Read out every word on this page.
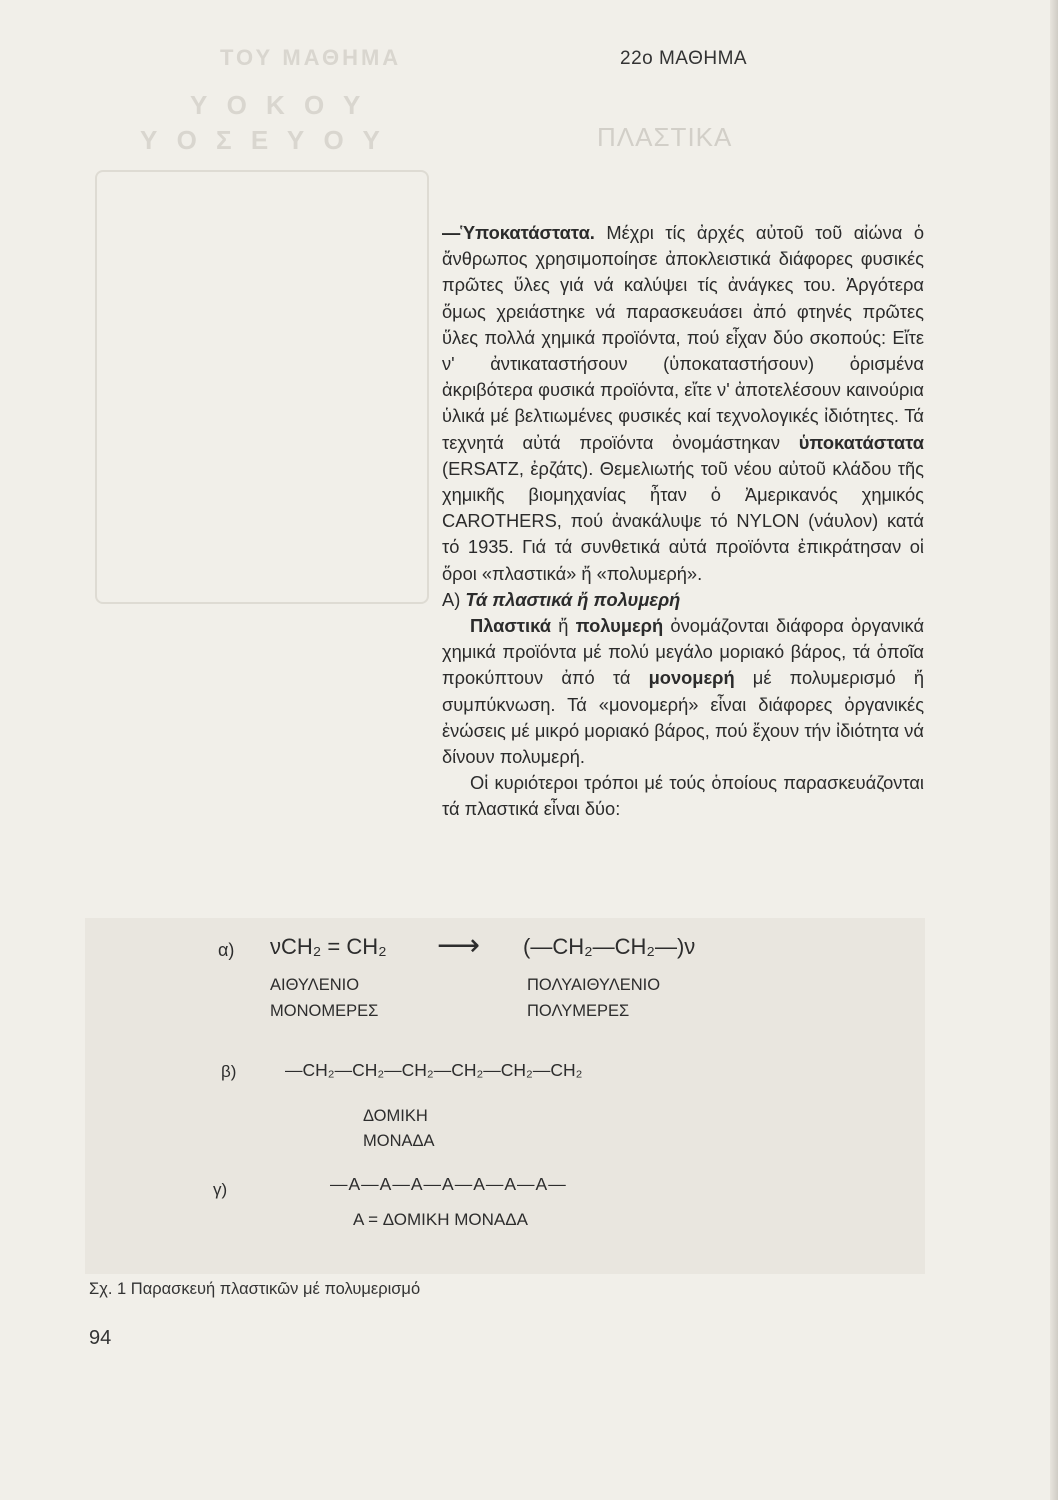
ΤΟΥ ΜΑΘΗΜΑ
Υ Ο Κ Ο Υ
Υ Ο Σ Ε Υ Ο Υ
22ο ΜΑΘΗΜΑ
ΠΛΑΣΤΙΚΑ

—Ὑποκατάστατα. Μέχρι τίς ἀρχές αὐτοῦ τοῦ αἰώνα ὁ ἄνθρωπος χρησιμοποίησε ἀποκλειστικά διάφορες φυσικές πρῶτες ὕλες γιά νά καλύψει τίς ἀνάγκες του. Ἀργότερα ὅμως χρειάστηκε νά παρασκευάσει ἀπό φτηνές πρῶτες ὕλες πολλά χημικά προϊόντα, πού εἶχαν δύο σκοπούς: Εἴτε ν' ἀντικαταστήσουν (ὑποκαταστήσουν) ὁρισμένα ἀκριβότερα φυσικά προϊόντα, εἴτε ν' ἀποτελέσουν καινούρια ὑλικά μέ βελτιωμένες φυσικές καί τεχνολογικές ἰδιότητες. Τά τεχνητά αὐτά προϊόντα ὀνομάστηκαν ὑποκατάστατα (ERSATZ, ἐρζάτς). Θεμελιωτής τοῦ νέου αὐτοῦ κλάδου τῆς χημικῆς βιομηχανίας ἦταν ὁ Ἀμερικανός χημικός CAROTHERS, πού ἀνακάλυψε τό NYLON (νάυλον) κατά τό 1935. Γιά τά συνθετικά αὐτά προϊόντα ἐπικράτησαν οἱ ὅροι «πλαστικά» ἤ «πολυμερή».

Α) Τά πλαστικά ἤ πολυμερή

Πλαστικά ἤ πολυμερή ὀνομάζονται διάφορα ὀργανικά χημικά προϊόντα μέ πολύ μεγάλο μοριακό βάρος, τά ὁποῖα προκύπτουν ἀπό τά μονομερή μέ πολυμερισμό ἤ συμπύκνωση. Τά «μονομερή» εἶναι διάφορες ὀργανικές ἐνώσεις μέ μικρό μοριακό βάρος, πού ἔχουν τήν ἰδιότητα νά δίνουν πολυμερή.

Οἱ κυριότεροι τρόποι μέ τούς ὁποίους παρασκευάζονται τά πλαστικά εἶναι δύο:

α) νCH₂ = CH₂ ⟶ (—CH₂—CH₂—)ν
ΑΙΘΥΛΕΝΙΟ
ΜΟΝΟΜΕΡΕΣ
ΠΟΛΥΑΙΘΥΛΕΝΙΟ
ΠΟΛΥΜΕΡΕΣ
β)	—CH₂—CH₂—CH₂—CH₂—CH₂—CH₂
ΔΟΜΙΚΗ
ΜΟΝΑΔΑ
γ)	—A—A—A—A—A—A—A—
A = ΔΟΜΙΚΗ ΜΟΝΑΔΑ
Σχ. 1 Παρασκευή πλαστικῶν μέ πολυμερισμό
94
